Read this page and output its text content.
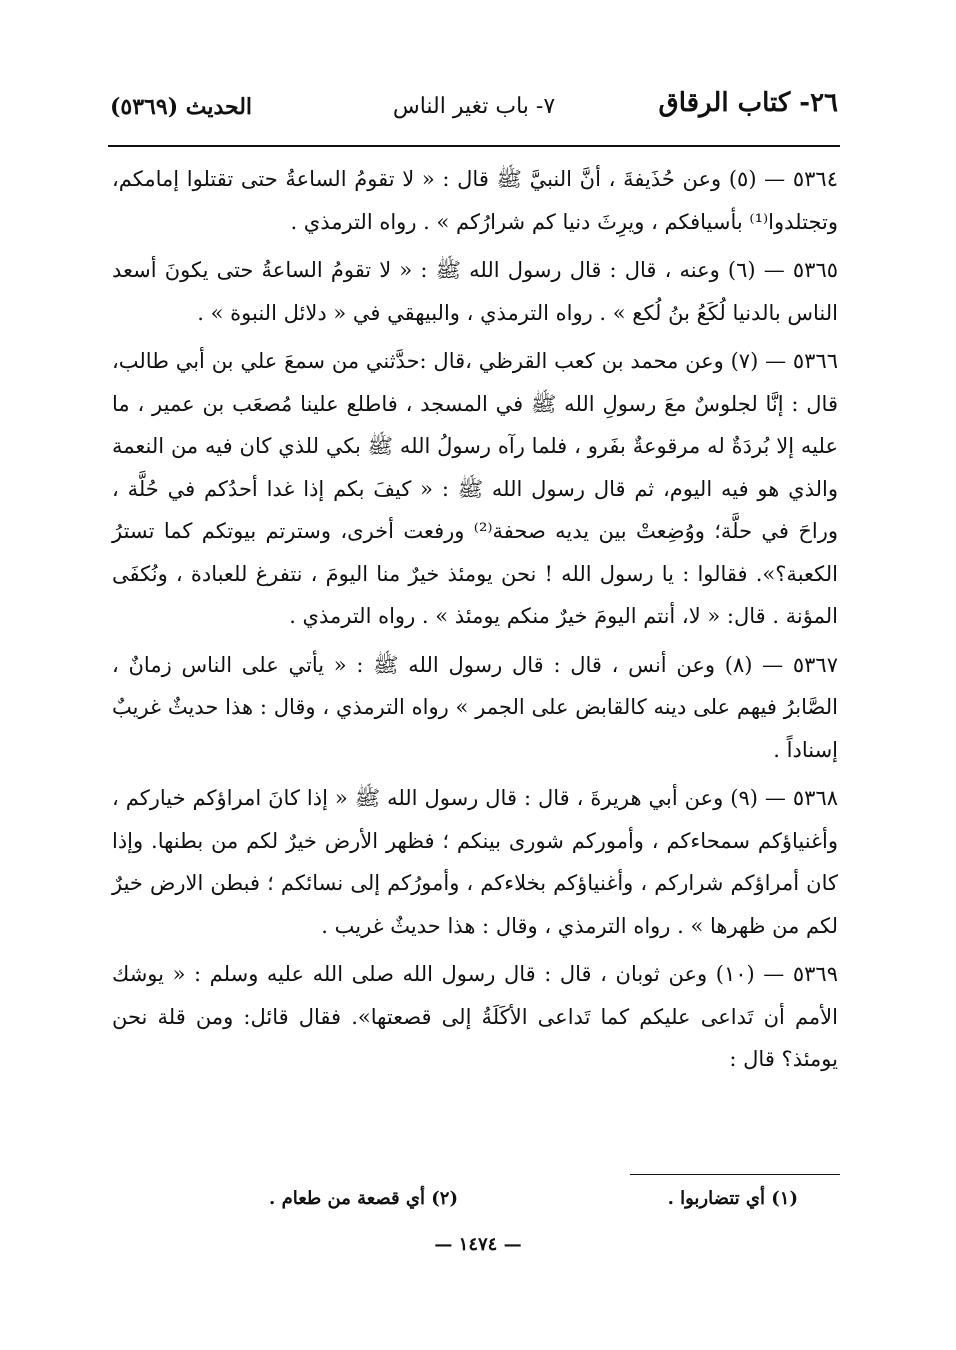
٢٦- كتاب الرقاق
٧- باب تغير الناس
الحديث (٥٣٦٩)

٥٣٦٤ — (٥) وعن حُذَيفةَ ، أنَّ النبيَّ ﷺ قال : « لا تقومُ الساعةُ حتى تقتلوا إمامكم، وتجتلدوا⁽¹⁾ بأسيافكم ، ويرِثَ دنيا كم شرارُكم » . رواه الترمذي .

٥٣٦٥ — (٦) وعنه ، قال : قال رسول الله ﷺ : « لا تقومُ الساعةُ حتى يكونَ أسعد الناس بالدنيا لُكَعُ بنُ لُكع » . رواه الترمذي ، والبيهقي في « دلائل النبوة » .

٥٣٦٦ — (٧) وعن محمد بن كعب القرظي ،قال :حدَّثني من سمعَ علي بن أبي طالب، قال : إنَّا لجلوسٌ معَ رسولِ الله ﷺ في المسجد ، فاطلع علينا مُصعَب بن عمير ، ما عليه إلا بُردَةٌ له مرقوعةٌ بفَرو ، فلما رآه رسولُ الله ﷺ بكي للذي كان فيه من النعمة والذي هو فيه اليوم، ثم قال رسول الله ﷺ : « كيفَ بكم إذا غدا أحدُكم في حُلَّة ، وراحَ في حلَّة؛ ووُضِعتْ بين يديه صحفة⁽²⁾ ورفعت أخرى، وسترتم بيوتكم كما تسترُ الكعبة؟». فقالوا : يا رسول الله ! نحن يومئذ خيرٌ منا اليومَ ، نتفرغ للعبادة ، ونُكفَى المؤنة . قال: « لا، أنتم اليومَ خيرٌ منكم يومئذ » . رواه الترمذي .

٥٣٦٧ — (٨) وعن أنس ، قال : قال رسول الله ﷺ : « يأتي على الناس زمانٌ ، الصَّابرُ فيهم على دينه كالقابض على الجمر » رواه الترمذي ، وقال : هذا حديثٌ غريبٌ إسناداً .

٥٣٦٨ — (٩) وعن أبي هريرةَ ، قال : قال رسول الله ﷺ « إذا كانَ امراؤكم خياركم ، وأغنياؤكم سمحاءكم ، وأموركم شورى بينكم ؛ فظهر الأرض خيرٌ لكم من بطنها. وإذا كان أمراؤكم شراركم ، وأغنياؤكم بخلاءكم ، وأمورُكم إلى نسائكم ؛ فبطن الارض خيرٌ لكم من ظهرها » . رواه الترمذي ، وقال : هذا حديثٌ غريب .

٥٣٦٩ — (١٠) وعن ثوبان ، قال : قال رسول الله صلى الله عليه وسلم : « يوشك الأمم أن تَداعى عليكم كما تَداعى الأكَلَةُ إلى قصعتها». فقال قائل: ومن قلة نحن يومئذ؟ قال :

(١) أي تتضاربوا .
(٢) أي قصعة من طعام .
— ١٤٧٤ —
